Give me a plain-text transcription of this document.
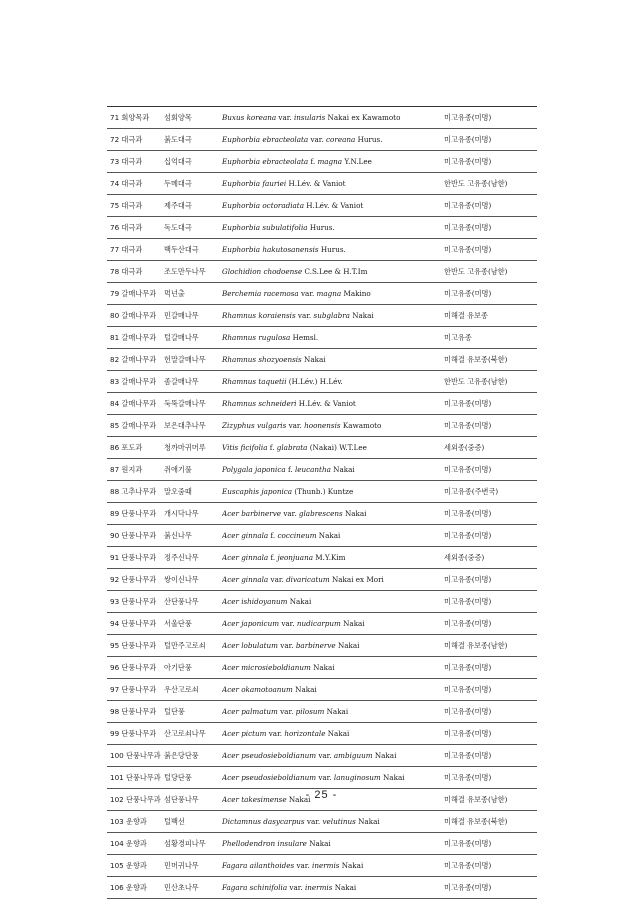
71 회양목과	섬회양목	Buxus koreana var. insularis Nakai ex Kawamoto	미고유종(미명)
72 대극과	붉도대극	Euphorbia ebracteolata var. coreana Hurus.	미고유종(미명)
73 대극과	십억대극	Euphorbia ebracteolata f. magna Y.N.Lee	미고유종(미명)
74 대극과	두메대극	Euphorbia fauriei H.Lév. & Vaniot	한반도 고유종(남한)
75 대극과	제주대극	Euphorbia octoradiata H.Lév. & Vaniot	미고유종(미명)
76 대극과	독도대극	Euphorbia subulatifolia Hurus.	미고유종(미명)
77 대극과	백두산대극	Euphorbia hakutosanensis Hurus.	미고유종(미명)
78 대극과	조도만두나무	Glochidion chodoense C.S.Lee & H.T.Im	한반도 고유종(남한)
79 갈매나무과	먹넌출	Berchemia racemosa var. magna Makino	미고유종(미명)
80 갈매나무과	민갈매나무	Rhamnus koraiensis var. subglabra Nakai	미해결 유보종
81 갈매나무과	털갈매나무	Rhamnus rugulosa Hemsl.	미고유종
82 갈매나무과	헌말갈매나무	Rhamnus shozyoensis Nakai	미해결 유보종(북한)
83 갈매나무과	좀갈매나무	Rhamnus taquetii (H.Lév.) H.Lév.	한반도 고유종(남한)
84 갈매나무과	둑뚝갈매나무	Rhamnus schneideri H.Lév. & Vaniot	미고유종(미명)
85 갈매나무과	보은대추나무	Zizyphus vulgaris var. hoonensis Kawamoto	미고유종(미명)
86 포도과	청까마귀머루	Vitis ficifolia f. glabrata (Nakai) W.T.Lee	세외종(중증)
87 원지과	쥐애기풀	Polygala japonica f. leucantha Nakai	미고유종(미명)
88 고추나무과	말오줌때	Euscaphis japonica (Thunb.) Kuntze	미고유종(주변국)
89 단풍나무과	개시닥나무	Acer barbinerve var. glabrescens Nakai	미고유종(미명)
90 단풍나무과	붉신나무	Acer ginnala f. coccineum Nakai	미고유종(미명)
91 단풍나무과	정주신나무	Acer ginnala f. jeonjuana M.Y.Kim	세외종(중증)
92 단풍나무과	쌍이신나무	Acer ginnala var. divaricatum Nakai ex Mori	미고유종(미명)
93 단풍나무과	산단풍나무	Acer ishidoyanum Nakai	미고유종(미명)
94 단풍나무과	서울단풍	Acer japonicum var. nudicarpum Nakai	미고유종(미명)
95 단풍나무과	털만주고로쇠	Acer lobulatum var. barbinerve Nakai	미해결 유보종(남한)
96 단풍나무과	아기단풍	Acer microsieboldianum Nakai	미고유종(미명)
97 단풍나무과	우산고로쇠	Acer okamotoanum Nakai	미고유종(미명)
98 단풍나무과	털단풍	Acer palmatum var. pilosum Nakai	미고유종(미명)
99 단풍나무과	산고로쇠나무	Acer pictum var. horizontale Nakai	미고유종(미명)
100 단풍나무과	붉은당단풍	Acer pseudosieboldianum var. ambiguum Nakai	미고유종(미명)
101 단풍나무과	털당단풍	Acer pseudosieboldianum var. lanuginosum Nakai	미고유종(미명)
102 단풍나무과	섬단풍나무	Acer takesimense Nakai	미해결 유보종(남한)
103 운향과	털백선	Dictamnus dasycarpus var. velutinus Nakai	미해결 유보종(북한)
104 운향과	섬황경피나무	Phellodendron insulare Nakai	미고유종(미명)
105 운향과	민머귀나무	Fagara ailanthoides var. inermis Nakai	미고유종(미명)
106 운향과	민산초나무	Fagara schinifolia var. inermis Nakai	미고유종(미명)
- 25 -
